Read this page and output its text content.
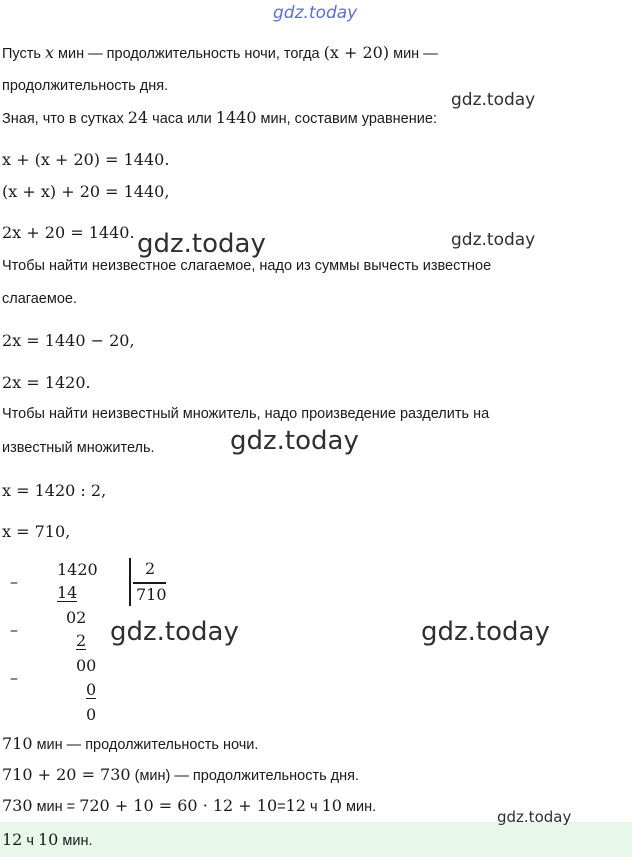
gdz.today
gdz.today
gdz.today	gdz.today
gdz.today
gdz.today	gdz.today
Пусть x мин — продолжительность ночи, тогда (x + 20) мин —
продолжительность дня.
Зная, что в сутках 24 часа или 1440 мин, составим уравнение:
x + (x + 20) = 1440.
(x + x) + 20 = 1440,
2x + 20 = 1440.
Чтобы найти неизвестное слагаемое, надо из суммы вычесть известное
слагаемое.
2x = 1440 − 20,
2x = 1420.
Чтобы найти неизвестный множитель, надо произведение разделить на
известный множитель.
x = 1420 : 2,
x = 710,
–
–
–
1420
14
02
2
00
0
0
2
710
710 мин — продолжительность ночи.
710 + 20 = 730 (мин) — продолжительность дня.
730 мин = 720 + 10 = 60 · 12 + 10=12 ч 10 мин.
gdz.today
12 ч 10 мин.
